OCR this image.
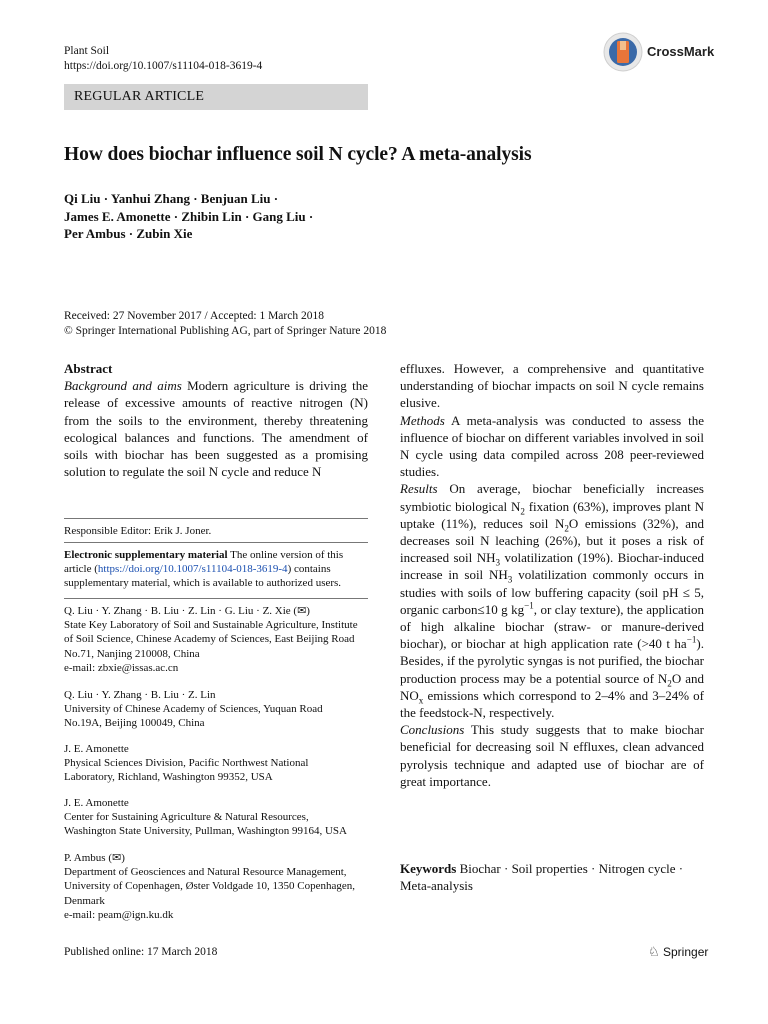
Plant Soil
https://doi.org/10.1007/s11104-018-3619-4
CrossMark
REGULAR ARTICLE
How does biochar influence soil N cycle? A meta-analysis
Qi Liu · Yanhui Zhang · Benjuan Liu ·
James E. Amonette · Zhibin Lin · Gang Liu ·
Per Ambus · Zubin Xie
Received: 27 November 2017 / Accepted: 1 March 2018
© Springer International Publishing AG, part of Springer Nature 2018

Abstract

Background and aims Modern agriculture is driving the release of excessive amounts of reactive nitrogen (N) from the soils to the environment, thereby threatening ecological balances and functions. The amendment of soils with biochar has been suggested as a promising solution to regulate the soil N cycle and reduce N

Responsible Editor: Erik J. Joner.

Electronic supplementary material The online version of this

article (https://doi.org/10.1007/s11104-018-3619-4) contains

supplementary material, which is available to authorized users.

Q. Liu · Y. Zhang · B. Liu · Z. Lin · G. Liu · Z. Xie (✉)
State Key Laboratory of Soil and Sustainable Agriculture, Institute
of Soil Science, Chinese Academy of Sciences, East Beijing Road
No.71, Nanjing 210008, China
e-mail: zbxie@issas.ac.cn
Q. Liu · Y. Zhang · B. Liu · Z. Lin
University of Chinese Academy of Sciences, Yuquan Road
No.19A, Beijing 100049, China
J. E. Amonette
Physical Sciences Division, Pacific Northwest National
Laboratory, Richland, Washington 99352, USA
J. E. Amonette
Center for Sustaining Agriculture & Natural Resources,
Washington State University, Pullman, Washington 99164, USA
P. Ambus (✉)
Department of Geosciences and Natural Resource Management,
University of Copenhagen, Øster Voldgade 10, 1350 Copenhagen,
Denmark
e-mail: peam@ign.ku.dk

effluxes. However, a comprehensive and quantitative understanding of biochar impacts on soil N cycle remains elusive.

Methods A meta-analysis was conducted to assess the influence of biochar on different variables involved in soil N cycle using data compiled across 208 peer-reviewed studies.

Results On average, biochar beneficially increases symbiotic biological $N_2$ fixation (63%), improves plant N uptake (11%), reduces soil $N_2O$ emissions (32%), and decreases soil N leaching (26%), but it poses a risk of increased soil $NH_3$ volatilization (19%). Biochar-induced increase in soil $NH_3$ volatilization commonly occurs in studies with soils of low buffering capacity (soil pH ≤ 5, organic carbon≤10 g $kg^{-1}$, or clay texture), the application of high alkaline biochar (straw- or manure-derived biochar), or biochar at high application rate (>40 t $ha^{-1}$). Besides, if the pyrolytic syngas is not purified, the biochar production process may be a potential source of $N_2O$ and $NO_x$ emissions which correspond to 2–4% and 3–24% of the feedstock-N, respectively.

Conclusions This study suggests that to make biochar beneficial for decreasing soil N effluxes, clean advanced pyrolysis technique and adapted use of biochar are of great importance.

Keywords Biochar · Soil properties · Nitrogen cycle ·
Meta-analysis
Published online: 17 March 2018	♘ Springer
